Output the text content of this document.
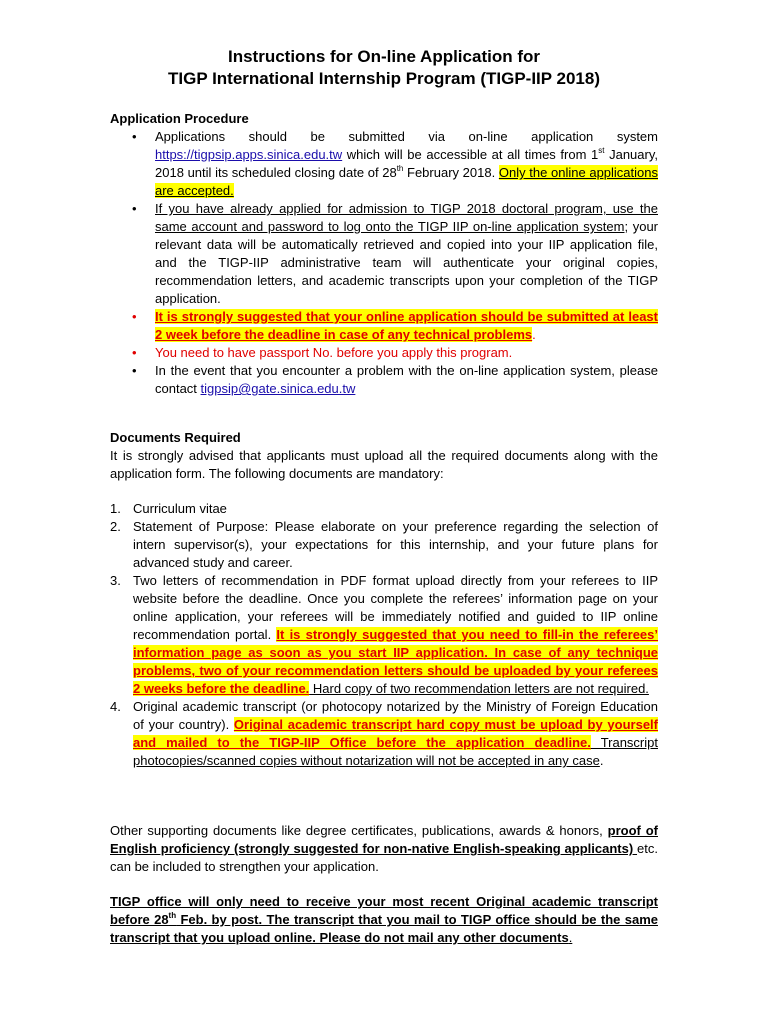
Instructions for On-line Application for
TIGP International Internship Program (TIGP-IIP 2018)
Application Procedure
• Applications should be submitted via on-line application system https://tigpsip.apps.sinica.edu.tw which will be accessible at all times from 1st January, 2018 until its scheduled closing date of 28th February 2018. Only the online applications are accepted.
• If you have already applied for admission to TIGP 2018 doctoral program, use the same account and password to log onto the TIGP IIP on-line application system; your relevant data will be automatically retrieved and copied into your IIP application file, and the TIGP-IIP administrative team will authenticate your original copies, recommendation letters, and academic transcripts upon your completion of the TIGP application.
• It is strongly suggested that your online application should be submitted at least 2 week before the deadline in case of any technical problems.
• You need to have passport No. before you apply this program.
• In the event that you encounter a problem with the on-line application system, please contact tigpsip@gate.sinica.edu.tw
Documents Required
It is strongly advised that applicants must upload all the required documents along with the application form. The following documents are mandatory:
1. Curriculum vitae
2. Statement of Purpose: Please elaborate on your preference regarding the selection of intern supervisor(s), your expectations for this internship, and your future plans for advanced study and career.
3. Two letters of recommendation in PDF format upload directly from your referees to IIP website before the deadline. Once you complete the referees’ information page on your online application, your referees will be immediately notified and guided to IIP online recommendation portal. It is strongly suggested that you need to fill-in the referees’ information page as soon as you start IIP application. In case of any technique problems, two of your recommendation letters should be uploaded by your referees 2 weeks before the deadline. Hard copy of two recommendation letters are not required.
4. Original academic transcript (or photocopy notarized by the Ministry of Foreign Education of your country). Original academic transcript hard copy must be upload by yourself and mailed to the TIGP-IIP Office before the application deadline. Transcript photocopies/scanned copies without notarization will not be accepted in any case.
Other supporting documents like degree certificates, publications, awards & honors, proof of English proficiency (strongly suggested for non-native English-speaking applicants) etc. can be included to strengthen your application.
TIGP office will only need to receive your most recent Original academic transcript before 28th Feb. by post. The transcript that you mail to TIGP office should be the same transcript that you upload online. Please do not mail any other documents.
